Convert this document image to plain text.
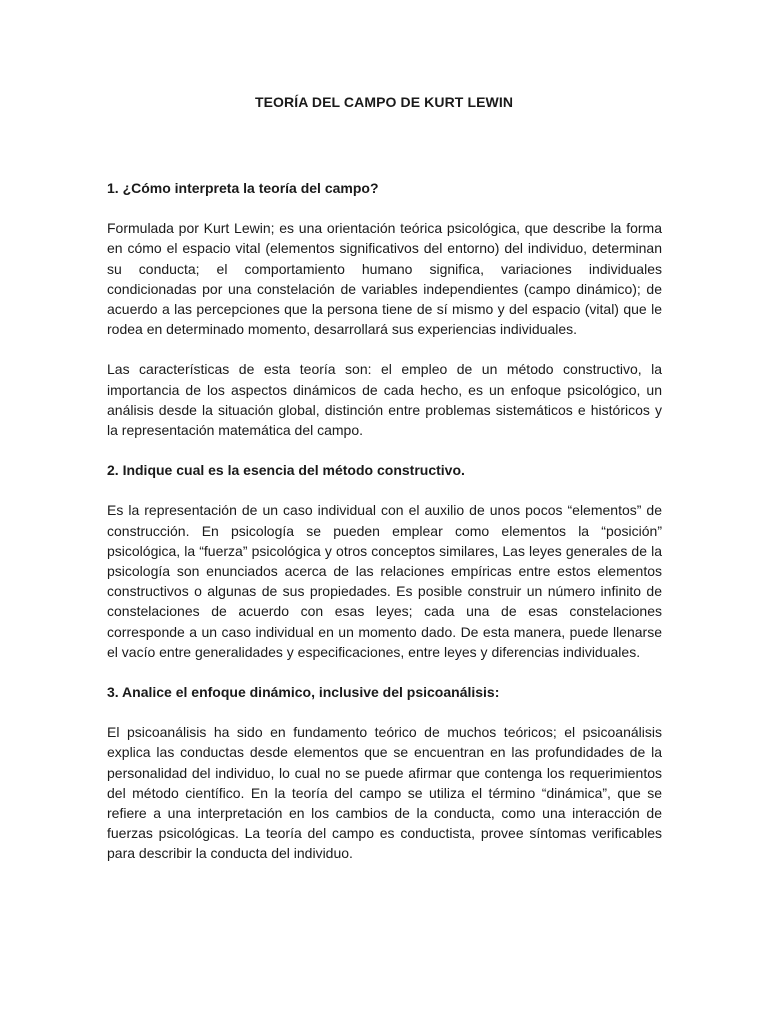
TEORÍA DEL CAMPO DE KURT LEWIN

1. ¿Cómo interpreta la teoría del campo?

Formulada por Kurt Lewin; es una orientación teórica psicológica, que describe la forma en cómo el espacio vital (elementos significativos del entorno) del individuo, determinan su conducta; el comportamiento humano significa, variaciones individuales condicionadas por una constelación de variables independientes (campo dinámico); de acuerdo a las percepciones que la persona tiene de sí mismo y del espacio (vital) que le rodea en determinado momento, desarrollará sus experiencias individuales.

Las características de esta teoría son: el empleo de un método constructivo, la importancia de los aspectos dinámicos de cada hecho, es un enfoque psicológico, un análisis desde la situación global, distinción entre problemas sistemáticos e históricos y la representación matemática del campo.

2. Indique cual es la esencia del método constructivo.

Es la representación de un caso individual con el auxilio de unos pocos “elementos” de construcción. En psicología se pueden emplear como elementos la “posición” psicológica, la “fuerza” psicológica y otros conceptos similares, Las leyes generales de la psicología son enunciados acerca de las relaciones empíricas entre estos elementos constructivos o algunas de sus propiedades. Es posible construir un número infinito de constelaciones de acuerdo con esas leyes; cada una de esas constelaciones corresponde a un caso individual en un momento dado. De esta manera, puede llenarse el vacío entre generalidades y especificaciones, entre leyes y diferencias individuales.

3. Analice el enfoque dinámico, inclusive del psicoanálisis:

El psicoanálisis ha sido en fundamento teórico de muchos teóricos; el psicoanálisis explica las conductas desde elementos que se encuentran en las profundidades de la personalidad del individuo, lo cual no se puede afirmar que contenga los requerimientos del método científico. En la teoría del campo se utiliza el término “dinámica”, que se refiere a una interpretación en los cambios de la conducta, como una interacción de fuerzas psicológicas. La teoría del campo es conductista, provee síntomas verificables para describir la conducta del individuo.
